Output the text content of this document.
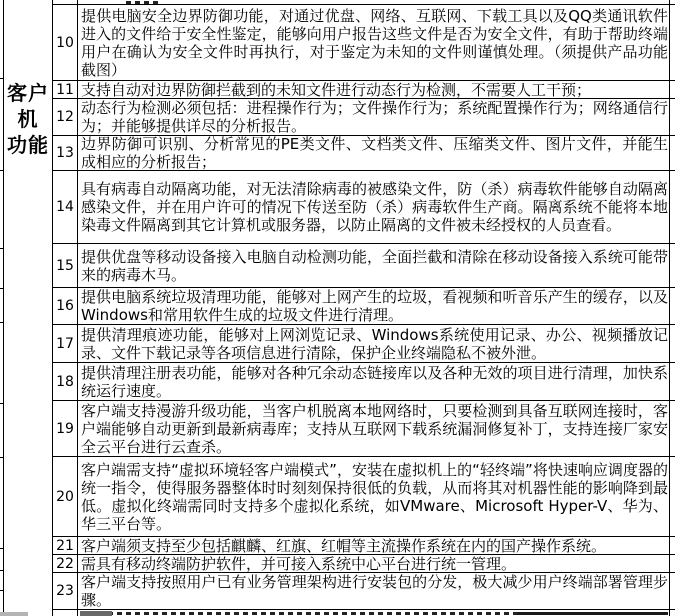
客户
机
功能
10
提供电脑安全边界防御功能，对通过优盘、网络、互联网、下载工具以及QQ类通讯软件进入的文件给于安全性鉴定，能够向用户报告这些文件是否为安全文件，有助于帮助终端用户在确认为安全文件时再执行，对于鉴定为未知的文件则谨慎处理。（须提供产品功能截图）
11 支持自动对边界防御拦截到的未知文件进行动态行为检测，不需要人工干预；
12 动态行为检测必须包括：进程操作行为；文件操作行为；系统配置操作行为；网络通信行为；并能够提供详尽的分析报告。
13 边界防御可识别、分析常见的PE类文件、文档类文件、压缩类文件、图片文件，并能生成相应的分析报告；
14
具有病毒自动隔离功能，对无法清除病毒的被感染文件，防（杀）病毒软件能够自动隔离感染文件，并在用户许可的情况下传送至防（杀）病毒软件生产商。隔离系统不能将本地染毒文件隔离到其它计算机或服务器，以防止隔离的文件被未经授权的人员查看。
15 提供优盘等移动设备接入电脑自动检测功能，全面拦截和清除在移动设备接入系统可能带来的病毒木马。
16 提供电脑系统垃圾清理功能，能够对上网产生的垃圾，看视频和听音乐产生的缓存，以及Windows和常用软件生成的垃圾文件进行清理。
17 提供清理痕迹功能，能够对上网浏览记录、Windows系统使用记录、办公、视频播放记录、文件下载记录等各项信息进行清除，保护企业终端隐私不被外泄。
18 提供清理注册表功能，能够对各种冗余动态链接库以及各种无效的项目进行清理，加快系统运行速度。
19
客户端支持漫游升级功能，当客户机脱离本地网络时，只要检测到具备互联网连接时，客户端能够自动更新到最新病毒库；支持从互联网下载系统漏洞修复补丁，支持连接厂家安全云平台进行云查杀。
20
客户端需支持“虚拟环境轻客户端模式”，安装在虚拟机上的“轻终端”将快速响应调度器的统一指令，使得服务器整体时时刻刻保持很低的负载，从而将其对机器性能的影响降到最低。虚拟化终端需同时支持多个虚拟化系统，如VMware、Microsoft Hyper-V、华为、华三平台等。
21 客户端须支持至少包括麒麟、红旗、红帽等主流操作系统在内的国产操作系统。
22 需具有移动终端防护软件，并可接入系统中心平台进行统一管理。
23 客户端支持按照用户已有业务管理架构进行安装包的分发，极大减少用户终端部署管理步骤。
